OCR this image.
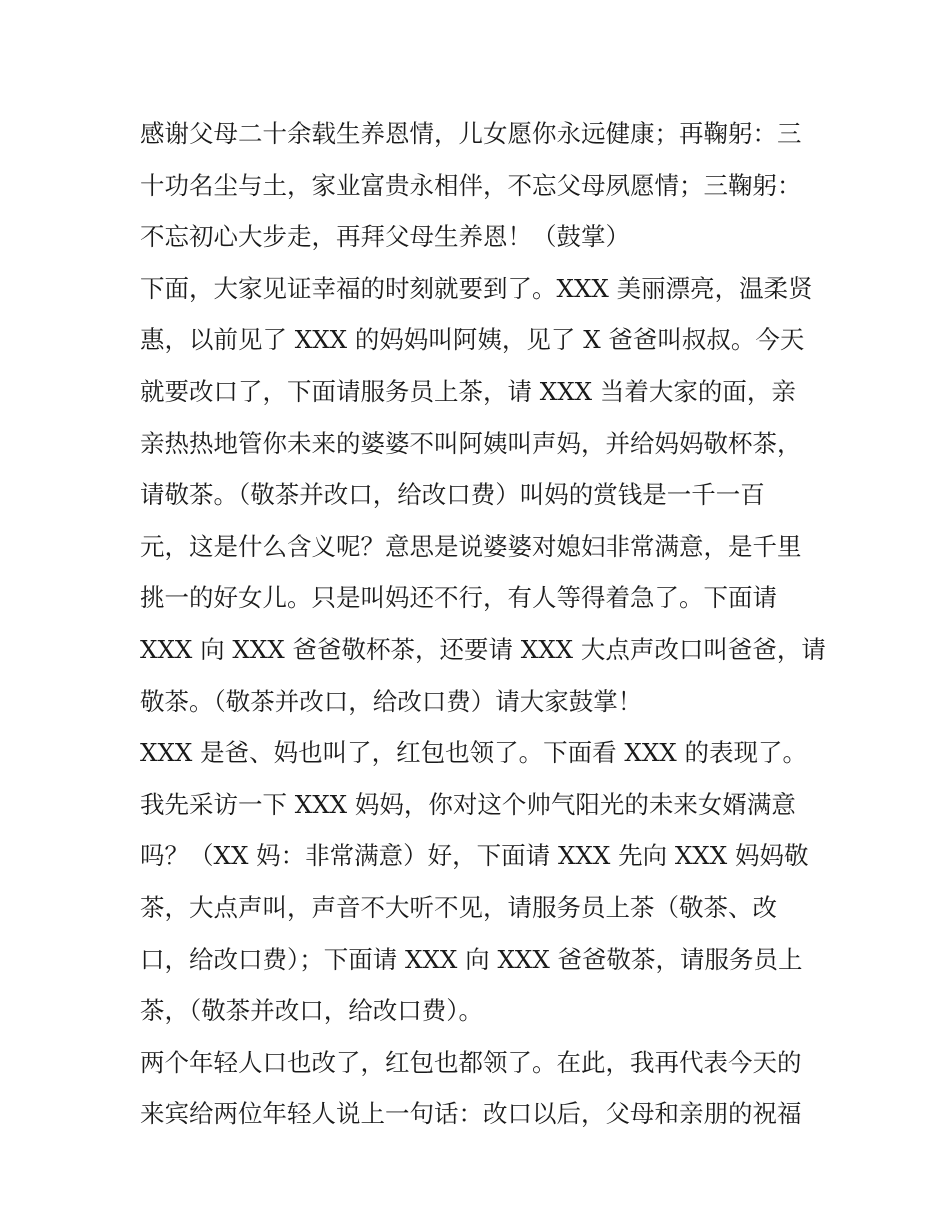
感谢父母二十余载生养恩情，儿女愿你永远健康；再鞠躬：三
十功名尘与土，家业富贵永相伴，不忘父母夙愿情；三鞠躬：
不忘初心大步走，再拜父母生养恩！（鼓掌）
下面，大家见证幸福的时刻就要到了。XXX 美丽漂亮，温柔贤
惠，以前见了 XXX 的妈妈叫阿姨，见了 X 爸爸叫叔叔。今天
就要改口了，下面请服务员上茶，请 XXX 当着大家的面，亲
亲热热地管你未来的婆婆不叫阿姨叫声妈，并给妈妈敬杯茶，
请敬茶。（敬茶并改口，给改口费）叫妈的赏钱是一千一百
元，这是什么含义呢？意思是说婆婆对媳妇非常满意，是千里
挑一的好女儿。只是叫妈还不行，有人等得着急了。下面请
XXX 向 XXX 爸爸敬杯茶，还要请 XXX 大点声改口叫爸爸，请
敬茶。（敬茶并改口，给改口费）请大家鼓掌！
XXX 是爸、妈也叫了，红包也领了。下面看 XXX 的表现了。
我先采访一下 XXX 妈妈，你对这个帅气阳光的未来女婿满意
吗？（XX 妈：非常满意）好，下面请 XXX 先向 XXX 妈妈敬
茶，大点声叫，声音不大听不见，请服务员上茶（敬茶、改
口，给改口费）；下面请 XXX 向 XXX 爸爸敬茶，请服务员上
茶，（敬茶并改口，给改口费）。
两个年轻人口也改了，红包也都领了。在此，我再代表今天的
来宾给两位年轻人说上一句话：改口以后，父母和亲朋的祝福
